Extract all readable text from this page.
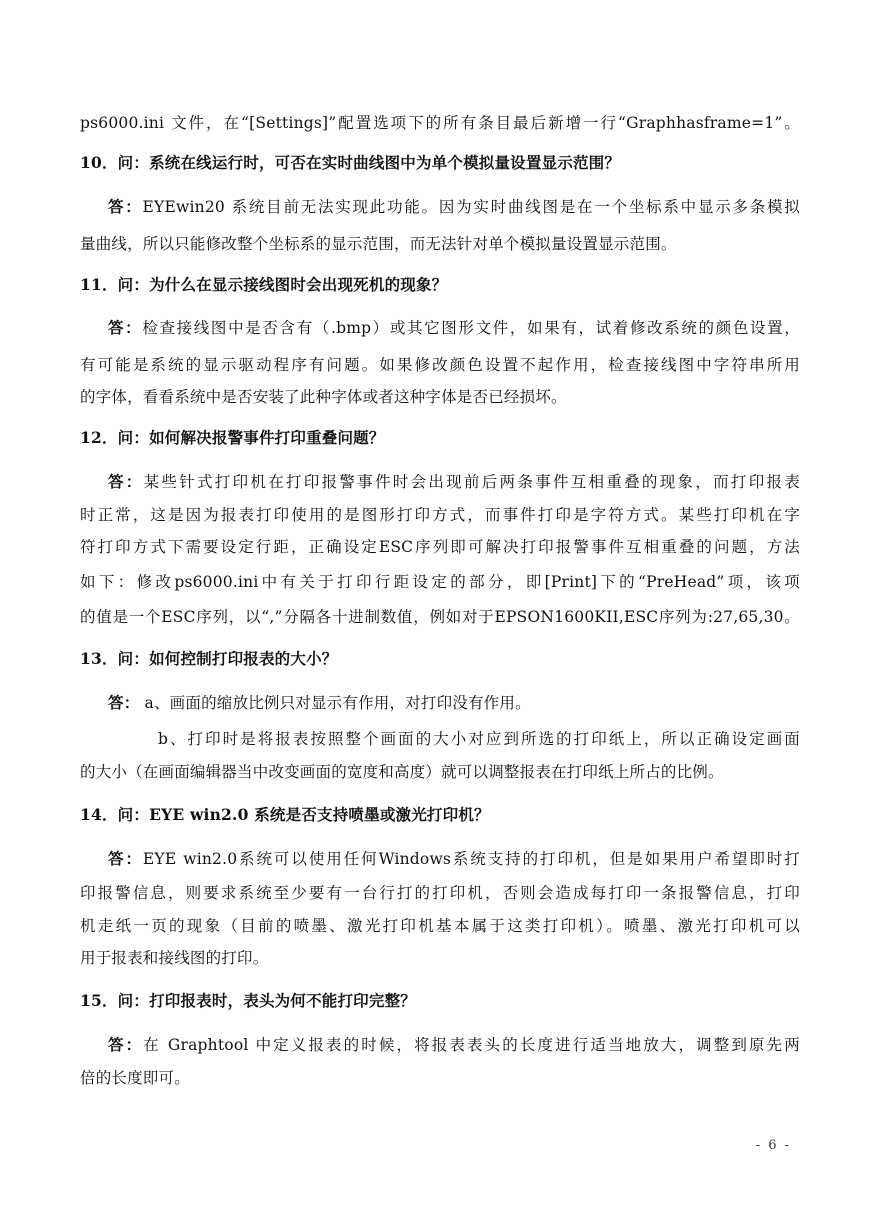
ps6000.ini 文件，在“[Settings]”配置选项下的所有条目最后新增一行“Graphhasframe=1”。
10．问：系统在线运行时，可否在实时曲线图中为单个模拟量设置显示范围？
答：EYEwin20 系统目前无法实现此功能。因为实时曲线图是在一个坐标系中显示多条模拟
量曲线，所以只能修改整个坐标系的显示范围，而无法针对单个模拟量设置显示范围。
11．问：为什么在显示接线图时会出现死机的现象？
答：检查接线图中是否含有（.bmp）或其它图形文件，如果有，试着修改系统的颜色设置，
有可能是系统的显示驱动程序有问题。如果修改颜色设置不起作用，检查接线图中字符串所用
的字体，看看系统中是否安装了此种字体或者这种字体是否已经损坏。
12．问：如何解决报警事件打印重叠问题？
答：某些针式打印机在打印报警事件时会出现前后两条事件互相重叠的现象，而打印报表
时正常，这是因为报表打印使用的是图形打印方式，而事件打印是字符方式。某些打印机在字
符打印方式下需要设定行距，正确设定ESC序列即可解决打印报警事件互相重叠的问题，方法
如下：修改ps6000.ini中有关于打印行距设定的部分，即[Print]下的“PreHead”项，该项
的值是一个ESC序列，以“,”分隔各十进制数值，例如对于EPSON1600KII,ESC序列为:27,65,30。
13．问：如何控制打印报表的大小？
答： a、画面的缩放比例只对显示有作用，对打印没有作用。
b、打印时是将报表按照整个画面的大小对应到所选的打印纸上，所以正确设定画面
的大小（在画面编辑器当中改变画面的宽度和高度）就可以调整报表在打印纸上所占的比例。
14．问：EYE win2.0 系统是否支持喷墨或激光打印机？
答：EYE win2.0系统可以使用任何Windows系统支持的打印机，但是如果用户希望即时打
印报警信息，则要求系统至少要有一台行打的打印机，否则会造成每打印一条报警信息，打印
机走纸一页的现象（目前的喷墨、激光打印机基本属于这类打印机）。喷墨、激光打印机可以
用于报表和接线图的打印。
15．问：打印报表时，表头为何不能打印完整？
答：在 Graphtool 中定义报表的时候，将报表表头的长度进行适当地放大，调整到原先两
倍的长度即可。
- 6 -
